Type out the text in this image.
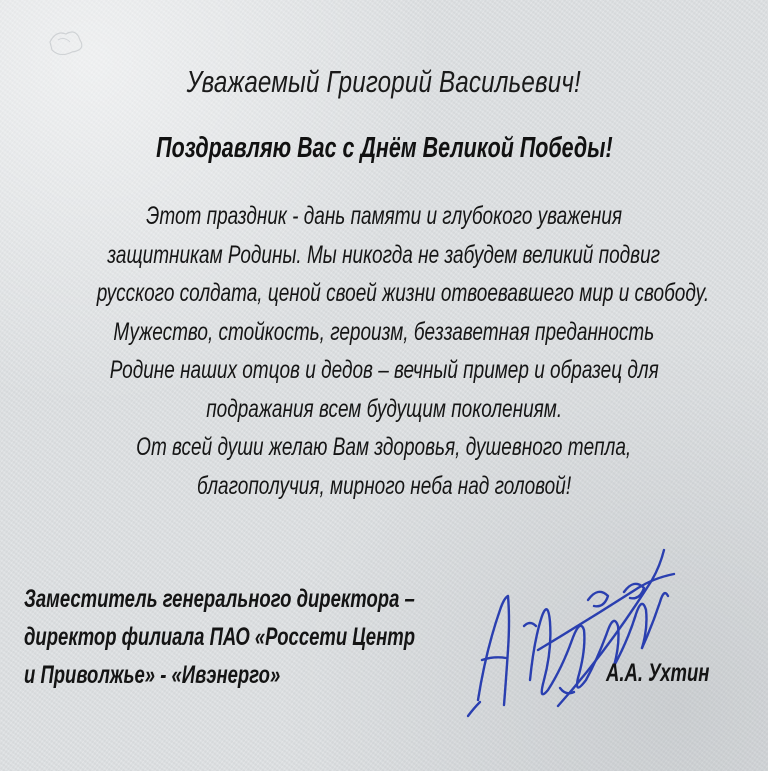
Уважаемый Григорий Васильевич!
Поздравляю Вас с Днём Великой Победы!
Этот праздник - дань памяти и глубокого уважения
защитникам Родины. Мы никогда не забудем великий подвиг
русского солдата, ценой своей жизни отвоевавшего мир и свободу.
Мужество, стойкость, героизм, беззаветная преданность
Родине наших отцов и дедов – вечный пример и образец для
подражания всем будущим поколениям.
От всей души желаю Вам здоровья, душевного тепла,
благополучия, мирного неба над головой!
Заместитель генерального директора –
директор филиала ПАО «Россети Центр
и Приволжье» - «Ивэнерго»	А.А. Ухтин
